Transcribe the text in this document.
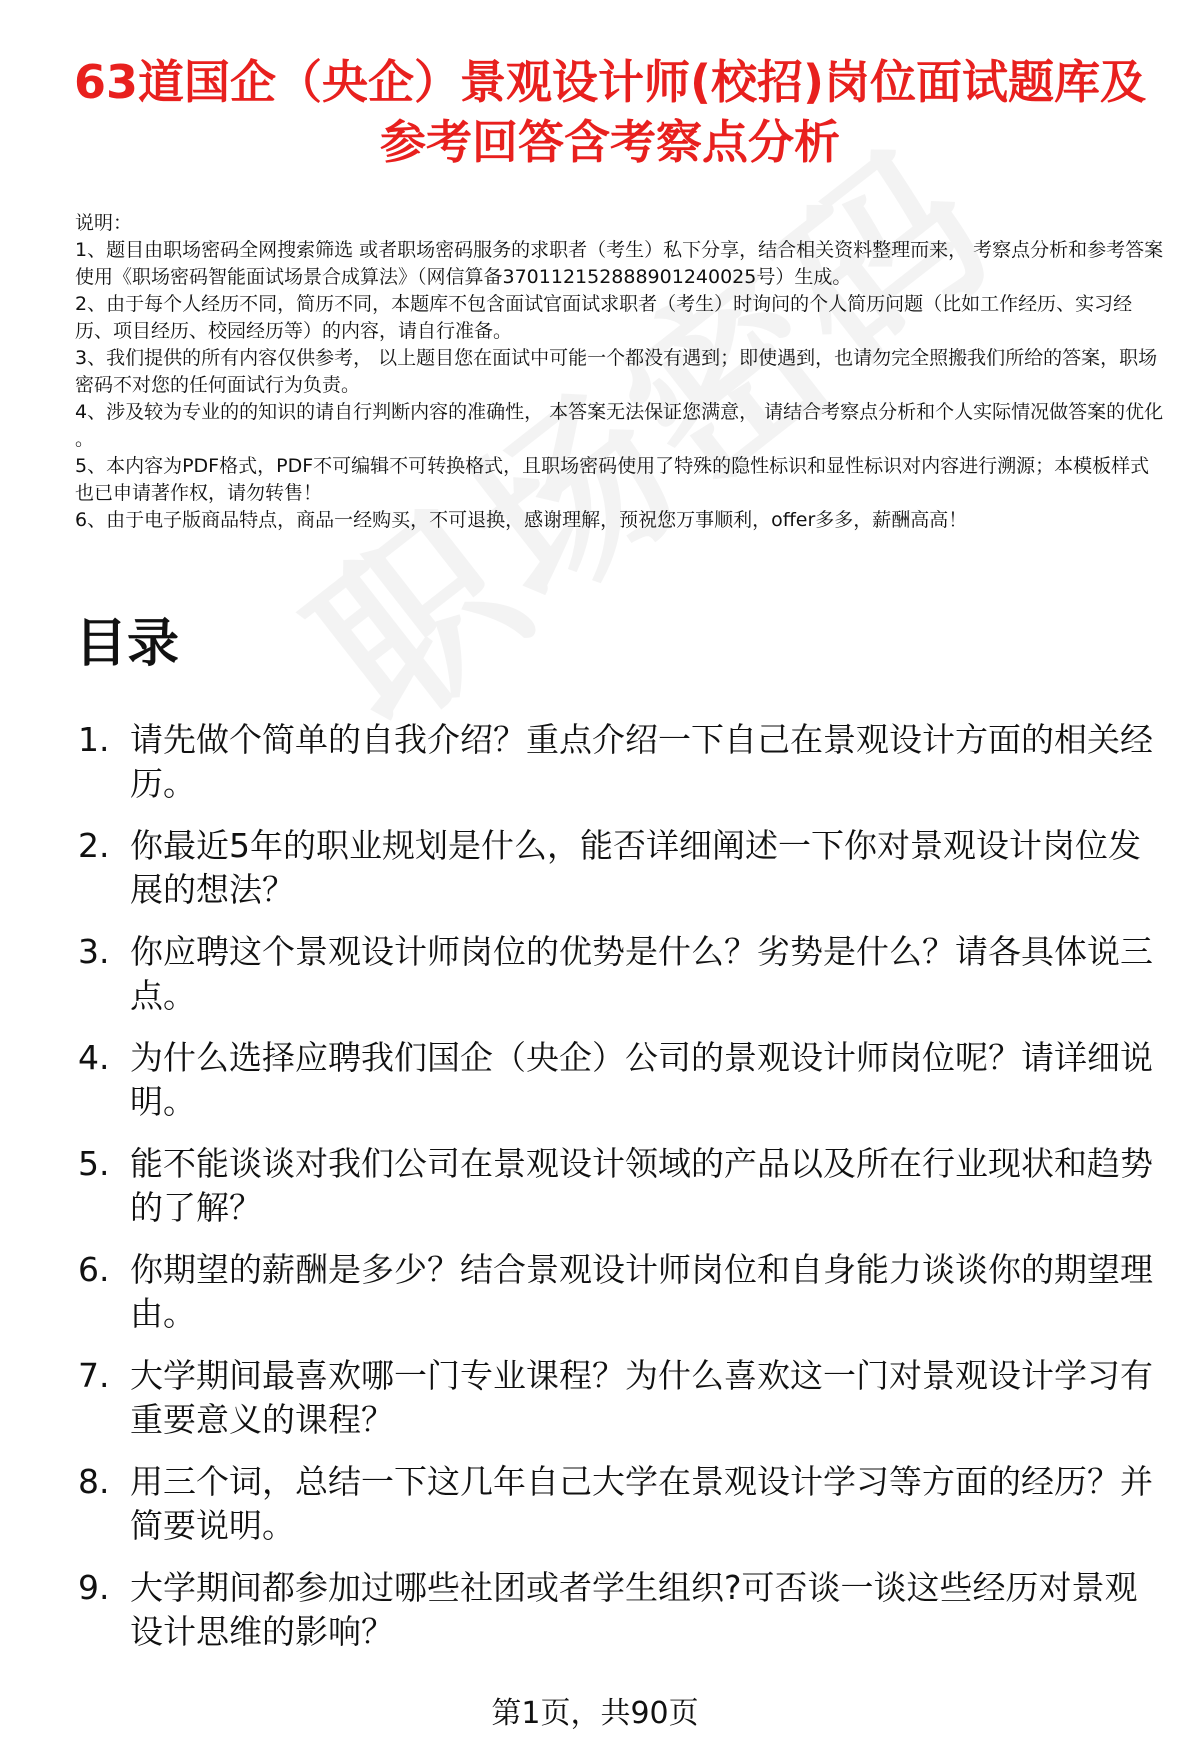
63道国企（央企）景观设计师(校招)岗位面试题库及参考回答含考察点分析
说明：
1、题目由职场密码全网搜索筛选 或者职场密码服务的求职者（考生）私下分享，结合相关资料整理而来， 考察点分析和参考答案使用《职场密码智能面试场景合成算法》（网信算备370112152888901240025号）生成。
2、由于每个人经历不同，简历不同，本题库不包含面试官面试求职者（考生）时询问的个人简历问题（比如工作经历、实习经历、项目经历、校园经历等）的内容，请自行准备。
3、我们提供的所有内容仅供参考， 以上题目您在面试中可能一个都没有遇到；即使遇到，也请勿完全照搬我们所给的答案，职场密码不对您的任何面试行为负责。
4、涉及较为专业的的知识的请自行判断内容的准确性， 本答案无法保证您满意， 请结合考察点分析和个人实际情况做答案的优化 。
5、本内容为PDF格式，PDF不可编辑不可转换格式，且职场密码使用了特殊的隐性标识和显性标识对内容进行溯源；本模板样式也已申请著作权，请勿转售！
6、由于电子版商品特点，商品一经购买，不可退换，感谢理解，预祝您万事顺利，offer多多，薪酬高高！
目录
1. 请先做个简单的自我介绍？重点介绍一下自己在景观设计方面的相关经历。
2. 你最近5年的职业规划是什么，能否详细阐述一下你对景观设计岗位发展的想法？
3. 你应聘这个景观设计师岗位的优势是什么？劣势是什么？请各具体说三点。
4. 为什么选择应聘我们国企（央企）公司的景观设计师岗位呢？请详细说明。
5. 能不能谈谈对我们公司在景观设计领域的产品以及所在行业现状和趋势的了解？
6. 你期望的薪酬是多少？结合景观设计师岗位和自身能力谈谈你的期望理由。
7. 大学期间最喜欢哪一门专业课程？为什么喜欢这一门对景观设计学习有重要意义的课程？
8. 用三个词，总结一下这几年自己大学在景观设计学习等方面的经历？并简要说明。
9. 大学期间都参加过哪些社团或者学生组织?可否谈一谈这些经历对景观设计思维的影响？
第1页，共90页
